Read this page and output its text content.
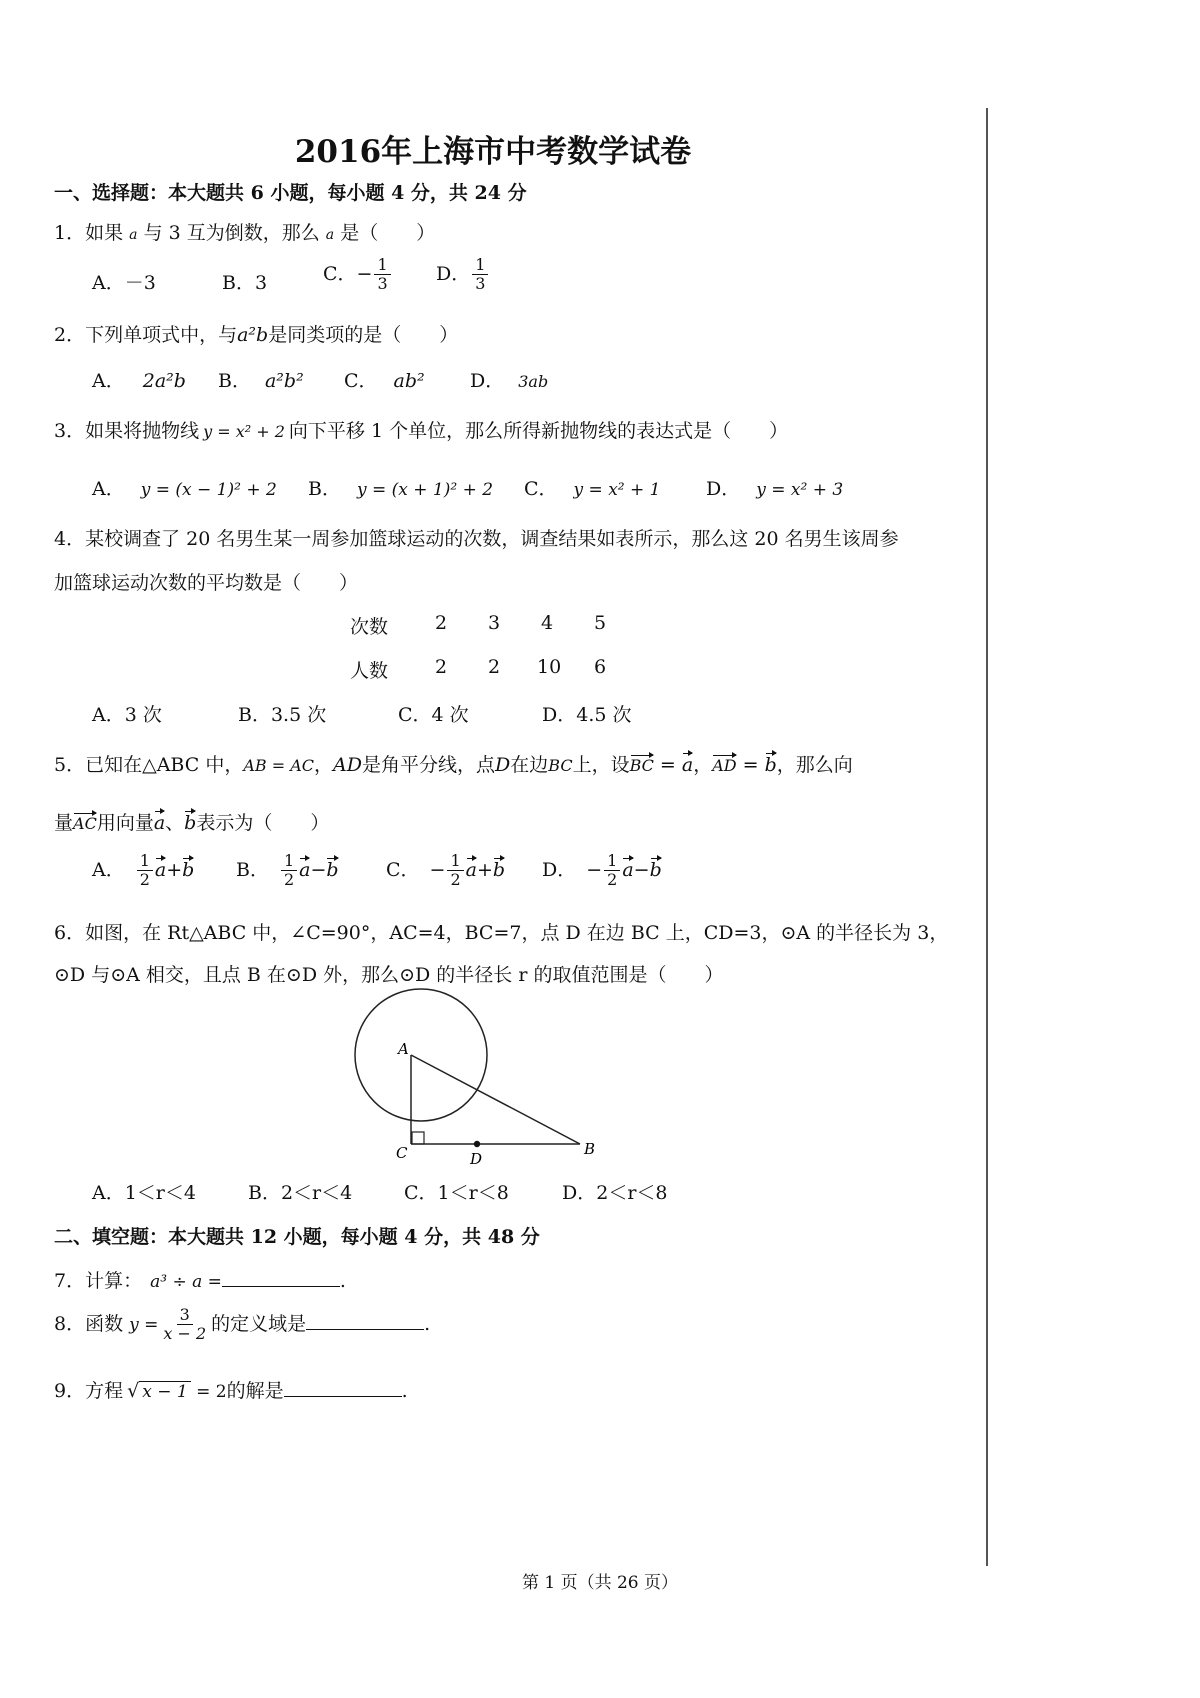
2016年上海市中考数学试卷
一、选择题：本大题共 6 小题，每小题 4 分，共 24 分
1．如果 a 与 3 互为倒数，那么 a 是（　　）
A．－3	B．3	C．− $\frac{1}{3}$ D． $\frac{1}{3}$
2．下列单项式中，与a²b是同类项的是（　　）
A． 2a²b B． a²b² C． ab² D． 3ab
3．如果将抛物线 y = x² + 2 向下平移 1 个单位，那么所得新抛物线的表达式是（　　）
A． y = (x − 1)² + 2 B． y = (x + 1)² + 2 C． y = x² + 1 D． y = x² + 3
4．某校调查了 20 名男生某一周参加篮球运动的次数，调查结果如表所示，那么这 20 名男生该周参
加篮球运动次数的平均数是（　　）
次数 2 3 4 5
人数 2 2 10 6
A．3 次	B．3.5 次	C．4 次	D．4.5 次
5．已知在△ABC 中，AB = AC，AD是角平分线，点D在边BC上，设BC = a，AD = b，那么向
量AC用向量a、b表示为（　　）
A． $\frac{1}{2} a+b$ B． $\frac{1}{2} a-b$ C． − $\frac{1}{2} a+b$ D． − $\frac{1}{2} a-b$
6．如图，在 Rt△ABC 中，∠C=90°，AC=4，BC=7，点 D 在边 BC 上，CD=3，⊙A 的半径长为 3，
⊙D 与⊙A 相交，且点 B 在⊙D 外，那么⊙D 的半径长 r 的取值范围是（　　）
A
C	D
B
A．1＜r＜4	B．2＜r＜4	C．1＜r＜8	D．2＜r＜8
二、填空题：本大题共 12 小题，每小题 4 分，共 48 分
7．计算： a³ ÷ a =	.
8．函数 $y = \frac{3}{x - 2}$ 的定义域是	.
9．方程 √ x − 1 = 2的解是	.
第 1 页（共 26 页）
